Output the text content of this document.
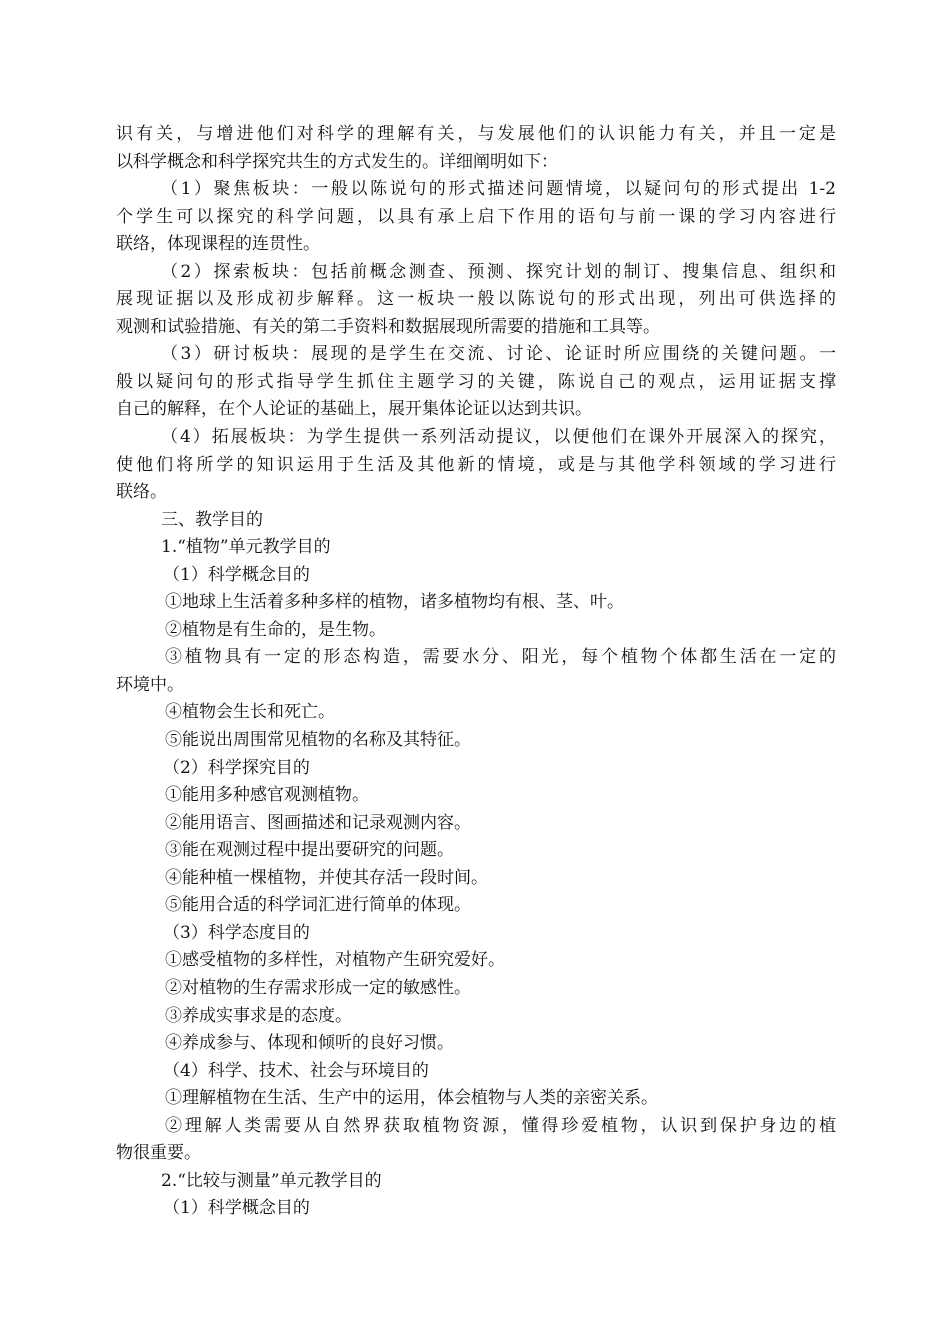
识有关，与增进他们对科学的理解有关，与发展他们的认识能力有关，并且一定是
以科学概念和科学探究共生的方式发生的。详细阐明如下：
（1）聚焦板块：一般以陈说句的形式描述问题情境，以疑问句的形式提出 1-2
个学生可以探究的科学问题，以具有承上启下作用的语句与前一课的学习内容进行
联络，体现课程的连贯性。
（2）探索板块：包括前概念测查、预测、探究计划的制订、搜集信息、组织和
展现证据以及形成初步解释。这一板块一般以陈说句的形式出现，列出可供选择的
观测和试验措施、有关的第二手资料和数据展现所需要的措施和工具等。
（3）研讨板块：展现的是学生在交流、讨论、论证时所应围绕的关键问题。一
般以疑问句的形式指导学生抓住主题学习的关键，陈说自己的观点，运用证据支撑
自己的解释，在个人论证的基础上，展开集体论证以达到共识。
（4）拓展板块：为学生提供一系列活动提议，以便他们在课外开展深入的探究，
使他们将所学的知识运用于生活及其他新的情境，或是与其他学科领域的学习进行
联络。
三、教学目的
1.“植物”单元教学目的
（1）科学概念目的
①地球上生活着多种多样的植物，诸多植物均有根、茎、叶。
②植物是有生命的，是生物。
③植物具有一定的形态构造，需要水分、阳光，每个植物个体都生活在一定的
环境中。
④植物会生长和死亡。
⑤能说出周围常见植物的名称及其特征。
（2）科学探究目的
①能用多种感官观测植物。
②能用语言、图画描述和记录观测内容。
③能在观测过程中提出要研究的问题。
④能种植一棵植物，并使其存活一段时间。
⑤能用合适的科学词汇进行简单的体现。
（3）科学态度目的
①感受植物的多样性，对植物产生研究爱好。
②对植物的生存需求形成一定的敏感性。
③养成实事求是的态度。
④养成参与、体现和倾听的良好习惯。
（4）科学、技术、社会与环境目的
①理解植物在生活、生产中的运用，体会植物与人类的亲密关系。
②理解人类需要从自然界获取植物资源，懂得珍爱植物，认识到保护身边的植
物很重要。
2.“比较与测量”单元教学目的
（1）科学概念目的
